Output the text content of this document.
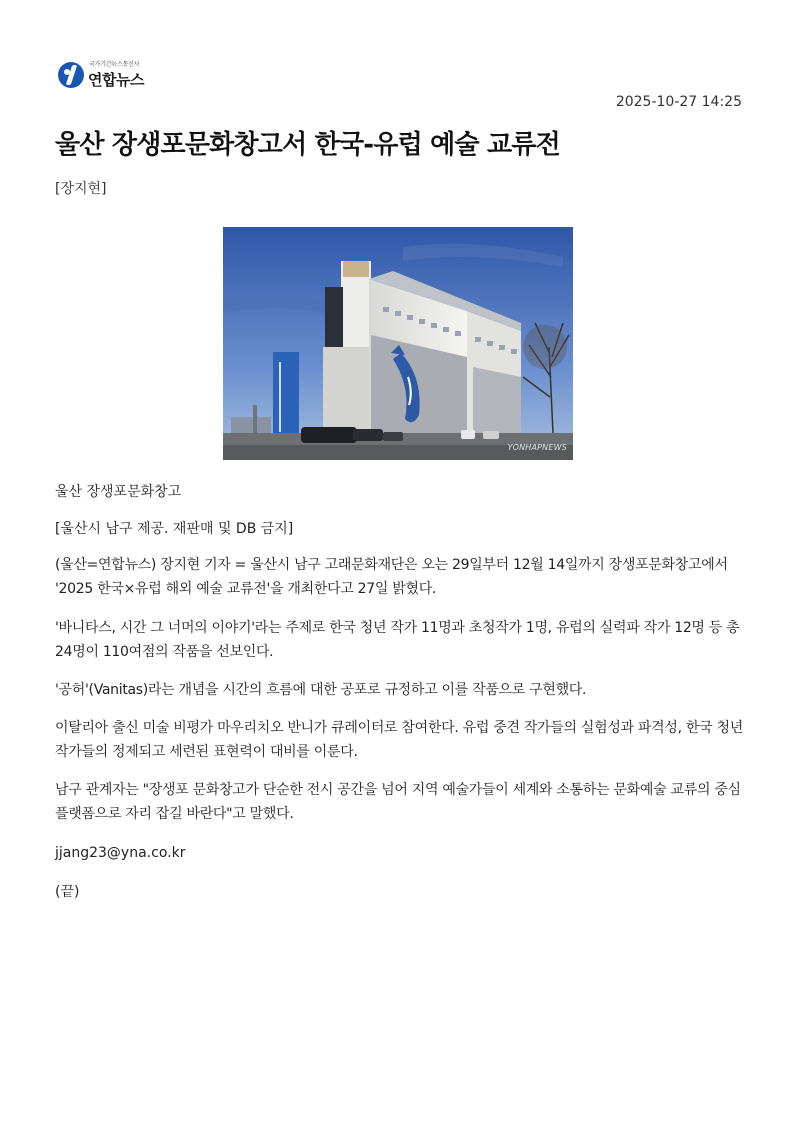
국가기간뉴스통신사
연합뉴스
2025-10-27 14:25
울산 장생포문화창고서 한국-유럽 예술 교류전
[장지현]
YONHAPNEWS
울산 장생포문화창고
[울산시 남구 제공. 재판매 및 DB 금지]

(울산=연합뉴스) 장지현 기자 = 울산시 남구 고래문화재단은 오는 29일부터 12월 14일까지 장생포문화창고에서 '2025 한국×유럽 해외 예술 교류전'을 개최한다고 27일 밝혔다.

'바니타스, 시간 그 너머의 이야기'라는 주제로 한국 청년 작가 11명과 초청작가 1명, 유럽의 실력파 작가 12명 등 총 24명이 110여점의 작품을 선보인다.

'공허'(Vanitas)라는 개념을 시간의 흐름에 대한 공포로 규정하고 이를 작품으로 구현했다.

이탈리아 출신 미술 비평가 마우리치오 반니가 큐레이터로 참여한다. 유럽 중견 작가들의 실험성과 파격성, 한국 청년 작가들의 정제되고 세련된 표현력이 대비를 이룬다.

남구 관계자는 "장생포 문화창고가 단순한 전시 공간을 넘어 지역 예술가들이 세계와 소통하는 문화예술 교류의 중심 플랫폼으로 자리 잡길 바란다"고 말했다.

jjang23@yna.co.kr
(끝)
